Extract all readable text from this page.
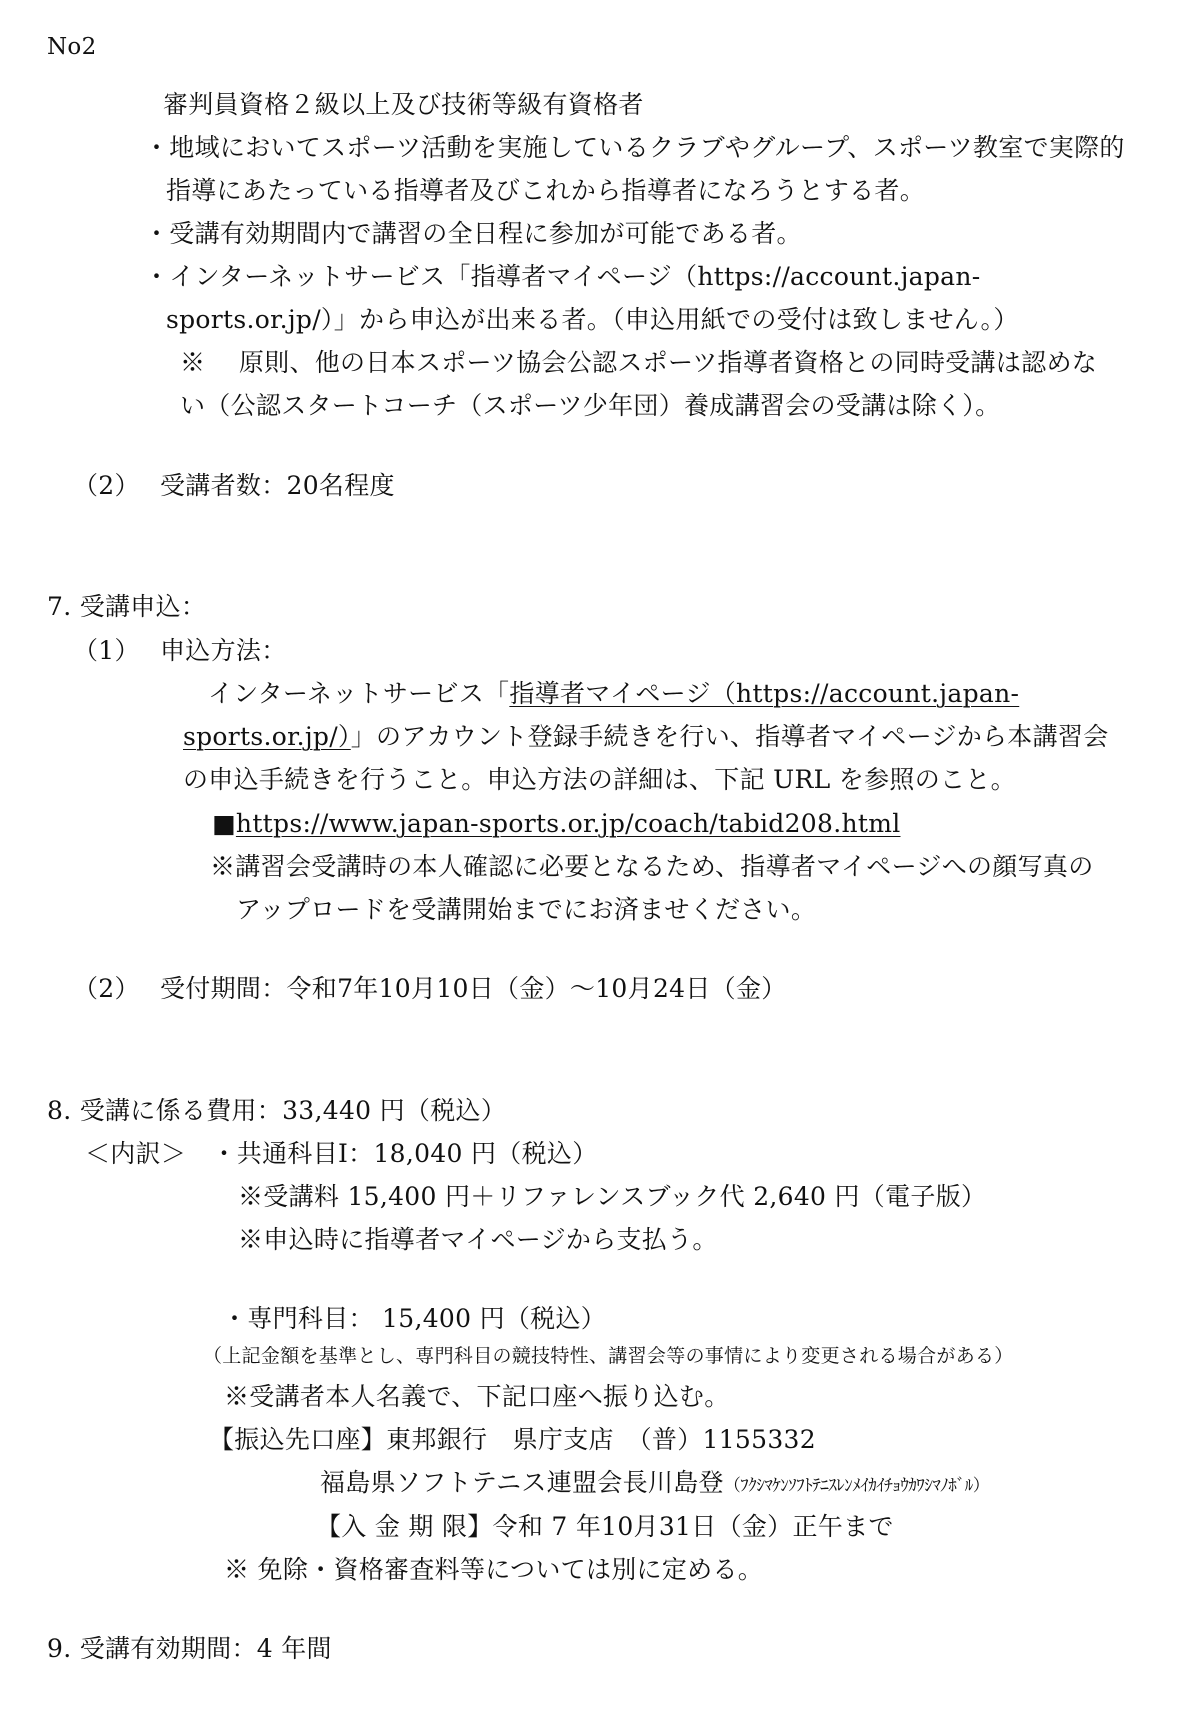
No2
審判員資格２級以上及び技術等級有資格者
・地域においてスポーツ活動を実施しているクラブやグループ、スポーツ教室で実際的
指導にあたっている指導者及びこれから指導者になろうとする者。
・受講有効期間内で講習の全日程に参加が可能である者。
・インターネットサービス「指導者マイページ（https://account.japan-
sports.or.jp/）」から申込が出来る者。（申込用紙での受付は致しません。）
※　 原則、他の日本スポーツ協会公認スポーツ指導者資格との同時受講は認めな
い（公認スタートコーチ（スポーツ少年団）養成講習会の受講は除く）。
（2） 受講者数：20名程度
7. 受講申込：
（1） 申込方法：
インターネットサービス「指導者マイページ（https://account.japan-
sports.or.jp/）」のアカウント登録手続きを行い、指導者マイページから本講習会
の申込手続きを行うこと。申込方法の詳細は、下記 URL を参照のこと。
■https://www.japan-sports.or.jp/coach/tabid208.html
※講習会受講時の本人確認に必要となるため、指導者マイページへの顔写真の
アップロードを受講開始までにお済ませください。
（2） 受付期間：令和7年10月10日（金）～10月24日（金）
8. 受講に係る費用：33,440 円（税込）
＜内訳＞　・共通科目Ⅰ：18,040 円（税込）
※受講料 15,400 円＋リファレンスブック代 2,640 円（電子版）
※申込時に指導者マイページから支払う。
・専門科目： 15,400 円（税込）
（上記金額を基準とし、専門科目の競技特性、講習会等の事情により変更される場合がある）
※受講者本人名義で、下記口座へ振り込む。
【振込先口座】東邦銀行　県庁支店　（普）1155332
福島県ソフトテニス連盟会長川島登（ﾌｸｼﾏｹﾝｿﾌﾄﾃﾆｽﾚﾝﾒｲｶｲﾁｮｳｶﾜｼﾏﾉﾎﾞﾙ）
【入 金 期 限】令和 7 年10月31日（金）正午まで
※ 免除・資格審査料等については別に定める。
9. 受講有効期間：4 年間
